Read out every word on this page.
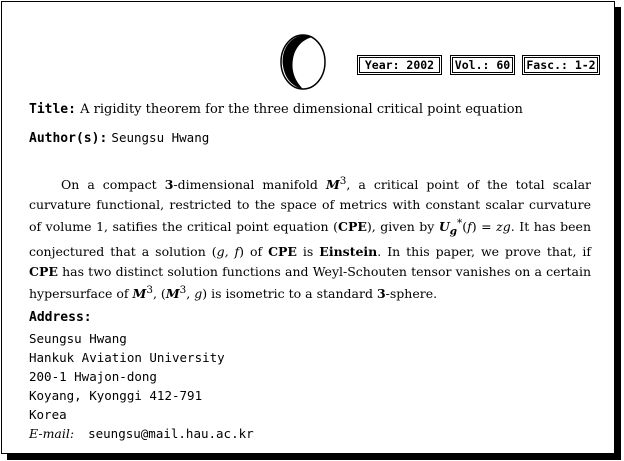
Year: 2002	Vol.: 60	Fasc.: 1-2
Title: A rigidity theorem for the three dimensional critical point equation
Author(s): Seungsu Hwang

On a compact 3-dimensional manifold $M^3$, a critical point of the total scalar curvature functional, restricted to the space of metrics with constant scalar curvature of volume 1, satifies the critical point equation (CPE), given by $U_g^*(f)$ = zg. It has been conjectured that a solution (g, f) of CPE is Einstein. In this paper, we prove that, if CPE has two distinct solution functions and Weyl-Schouten tensor vanishes on a certain hypersurface of $M^3$, ($M^3$, g) is isometric to a standard 3-sphere.

Address:
Seungsu Hwang
Hankuk Aviation University
200-1 Hwajon-dong
Koyang, Kyonggi 412-791
Korea
E-mail: seungsu@mail.hau.ac.kr
